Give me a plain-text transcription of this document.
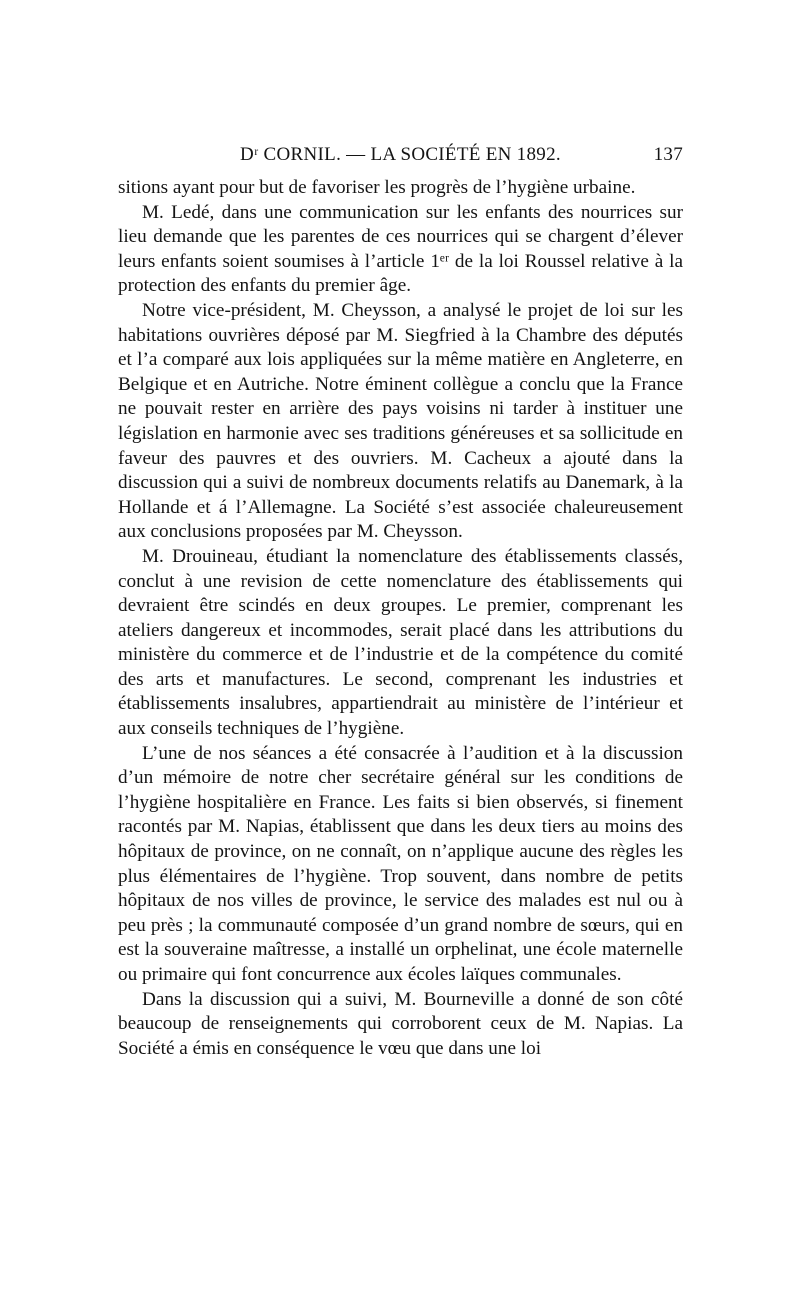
Dʳ CORNIL. — LA SOCIÉTÉ EN 1892.	137

sitions ayant pour but de favoriser les progrès de l’hygiène urbaine.

M. Ledé, dans une communication sur les enfants des nourrices sur lieu demande que les parentes de ces nourrices qui se chargent d’élever leurs enfants soient soumises à l’article 1ᵉʳ de la loi Roussel relative à la protection des enfants du premier âge.

Notre vice-président, M. Cheysson, a analysé le projet de loi sur les habitations ouvrières déposé par M. Siegfried à la Chambre des députés et l’a comparé aux lois appliquées sur la même matière en Angleterre, en Belgique et en Autriche. Notre éminent collègue a conclu que la France ne pouvait rester en arrière des pays voisins ni tarder à instituer une législation en harmonie avec ses traditions généreuses et sa sollicitude en faveur des pauvres et des ouvriers. M. Cacheux a ajouté dans la discussion qui a suivi de nombreux documents relatifs au Danemark, à la Hollande et á l’Allemagne. La Société s’est associée chaleureusement aux conclusions proposées par M. Cheysson.

M. Drouineau, étudiant la nomenclature des établissements classés, conclut à une revision de cette nomenclature des établissements qui devraient être scindés en deux groupes. Le premier, comprenant les ateliers dangereux et incommodes, serait placé dans les attributions du ministère du commerce et de l’industrie et de la compétence du comité des arts et manufactures. Le second, comprenant les industries et établissements insalubres, appartiendrait au ministère de l’intérieur et aux conseils techniques de l’hygiène.

L’une de nos séances a été consacrée à l’audition et à la discussion d’un mémoire de notre cher secrétaire général sur les conditions de l’hygiène hospitalière en France. Les faits si bien observés, si finement racontés par M. Napias, établissent que dans les deux tiers au moins des hôpitaux de province, on ne connaît, on n’applique aucune des règles les plus élémentaires de l’hygiène. Trop souvent, dans nombre de petits hôpitaux de nos villes de province, le service des malades est nul ou à peu près ; la communauté composée d’un grand nombre de sœurs, qui en est la souveraine maîtresse, a installé un orphelinat, une école maternelle ou primaire qui font concurrence aux écoles laïques communales.

Dans la discussion qui a suivi, M. Bourneville a donné de son côté beaucoup de renseignements qui corroborent ceux de M. Napias. La Société a émis en conséquence le vœu que dans une loi
